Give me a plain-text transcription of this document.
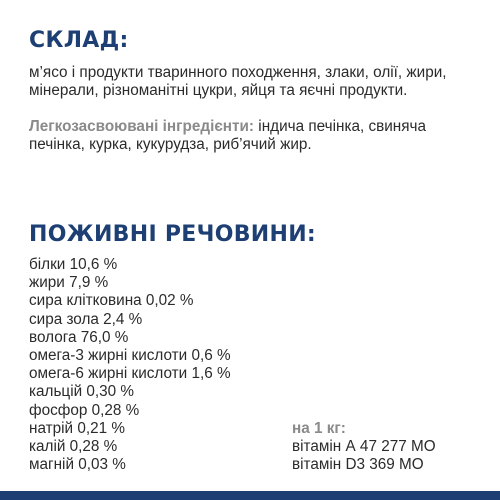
СКЛАД:

м’ясо і продукти тваринного походження, злаки, олії, жири, мінерали, різноманітні цукри, яйця та яєчні продукти.

Легкозасвоювані інгредієнти: індича печінка, свиняча печінка, курка, кукурудза, риб’ячий жир.

ПОЖИВНІ РЕЧОВИНИ:
білки 10,6 %
жири 7,9 %
сира клітковина 0,02 %
сира зола 2,4 %
волога 76,0 %
омега-3 жирні кислоти 0,6 %
омега-6 жирні кислоти 1,6 %
кальцій 0,30 %
фосфор 0,28 %
натрій 0,21 %
калій 0,28 %
магній 0,03 %
на 1 кг:
вітамін А 47 277 МО
вітамін D3 369 МО
